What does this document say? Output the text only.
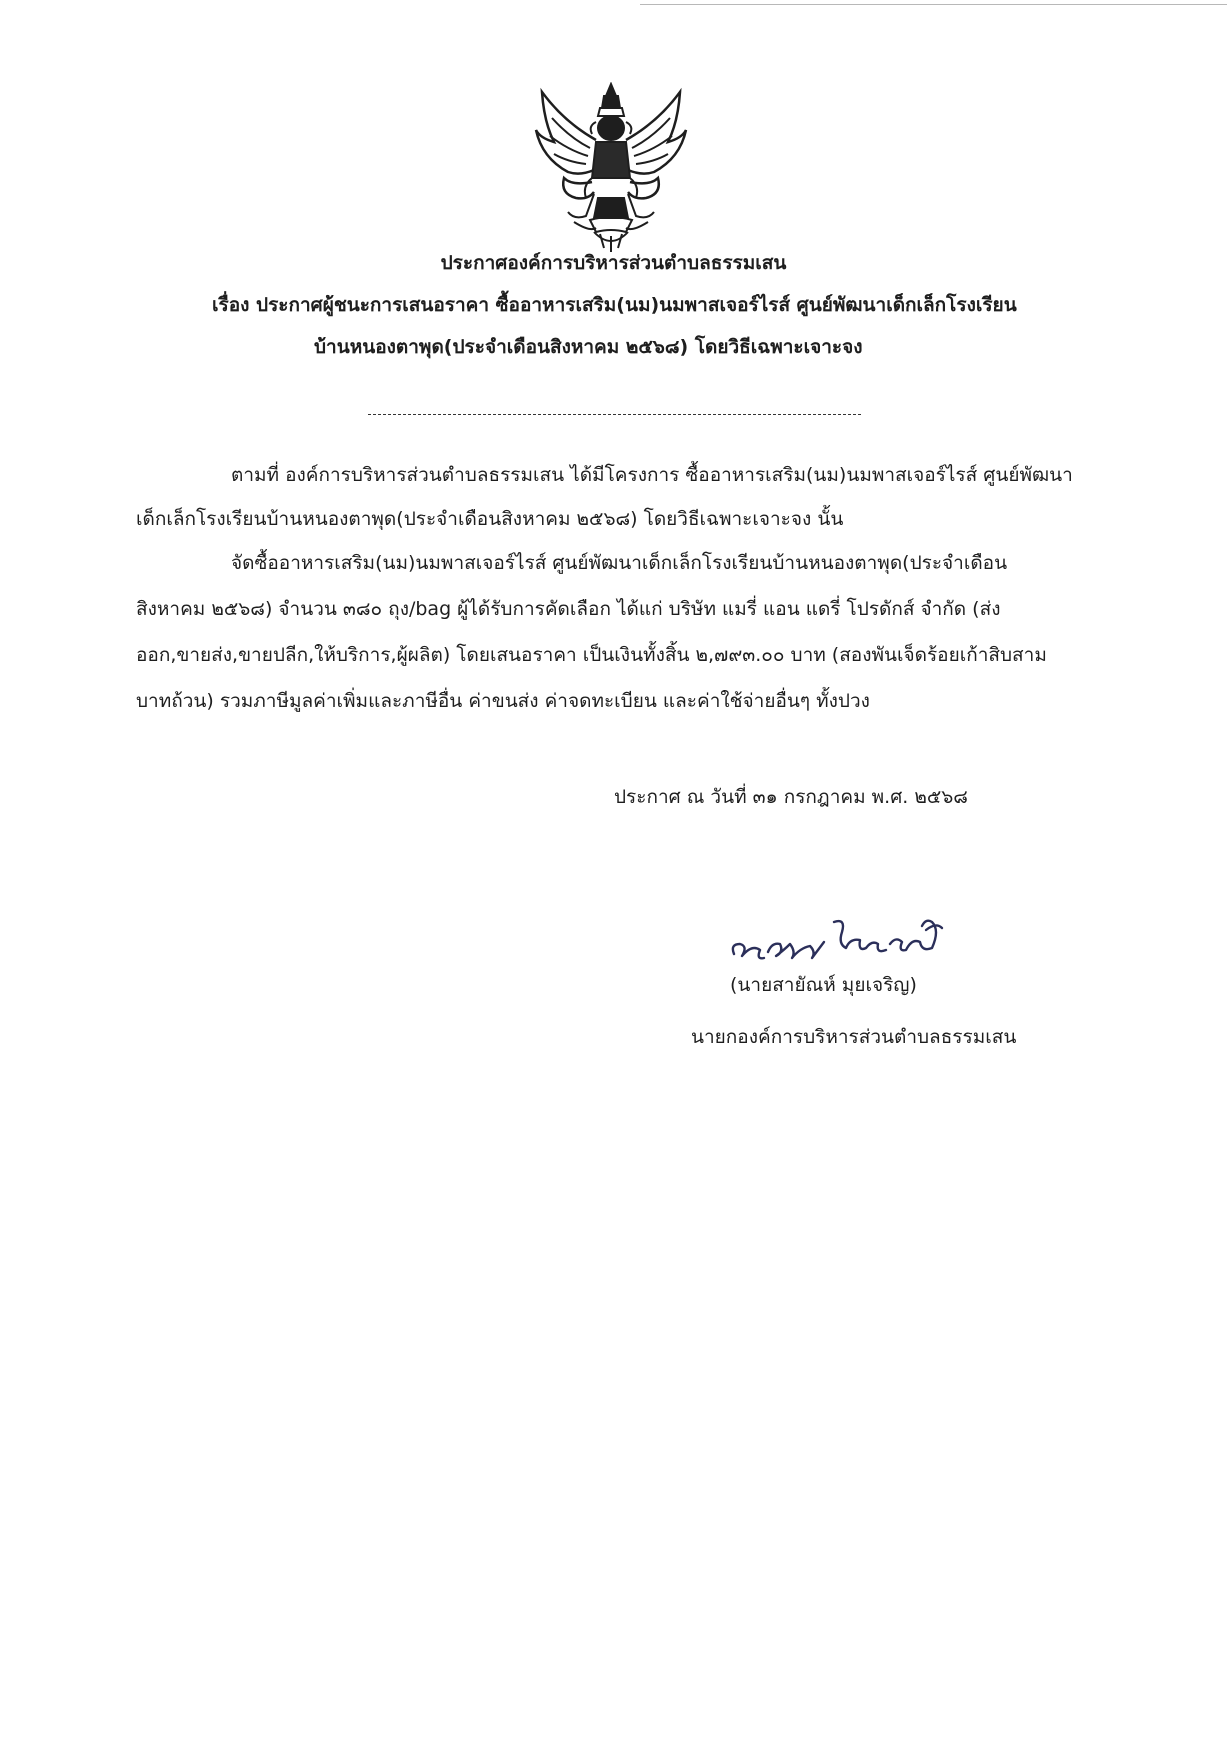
ประกาศองค์การบริหารส่วนตำบลธรรมเสน
เรื่อง ประกาศผู้ชนะการเสนอราคา ซื้ออาหารเสริม(นม)นมพาสเจอร์ไรส์ ศูนย์พัฒนาเด็กเล็กโรงเรียน
บ้านหนองตาพุด(ประจำเดือนสิงหาคม ๒๕๖๘) โดยวิธีเฉพาะเจาะจง
ตามที่ องค์การบริหารส่วนตำบลธรรมเสน ได้มีโครงการ ซื้ออาหารเสริม(นม)นมพาสเจอร์ไรส์ ศูนย์พัฒนา
เด็กเล็กโรงเรียนบ้านหนองตาพุด(ประจำเดือนสิงหาคม ๒๕๖๘) โดยวิธีเฉพาะเจาะจง นั้น
จัดซื้ออาหารเสริม(นม)นมพาสเจอร์ไรส์ ศูนย์พัฒนาเด็กเล็กโรงเรียนบ้านหนองตาพุด(ประจำเดือน
สิงหาคม ๒๕๖๘) จำนวน ๓๘๐ ถุง/bag ผู้ได้รับการคัดเลือก ได้แก่ บริษัท แมรี่ แอน แดรี่ โปรดักส์ จำกัด (ส่ง
ออก,ขายส่ง,ขายปลีก,ให้บริการ,ผู้ผลิต) โดยเสนอราคา เป็นเงินทั้งสิ้น ๒,๗๙๓.๐๐ บาท (สองพันเจ็ดร้อยเก้าสิบสาม
บาทถ้วน) รวมภาษีมูลค่าเพิ่มและภาษีอื่น ค่าขนส่ง ค่าจดทะเบียน และค่าใช้จ่ายอื่นๆ ทั้งปวง
ประกาศ ณ วันที่ ๓๑ กรกฎาคม พ.ศ. ๒๕๖๘
(นายสายัณห์ มุยเจริญ)
นายกองค์การบริหารส่วนตำบลธรรมเสน
